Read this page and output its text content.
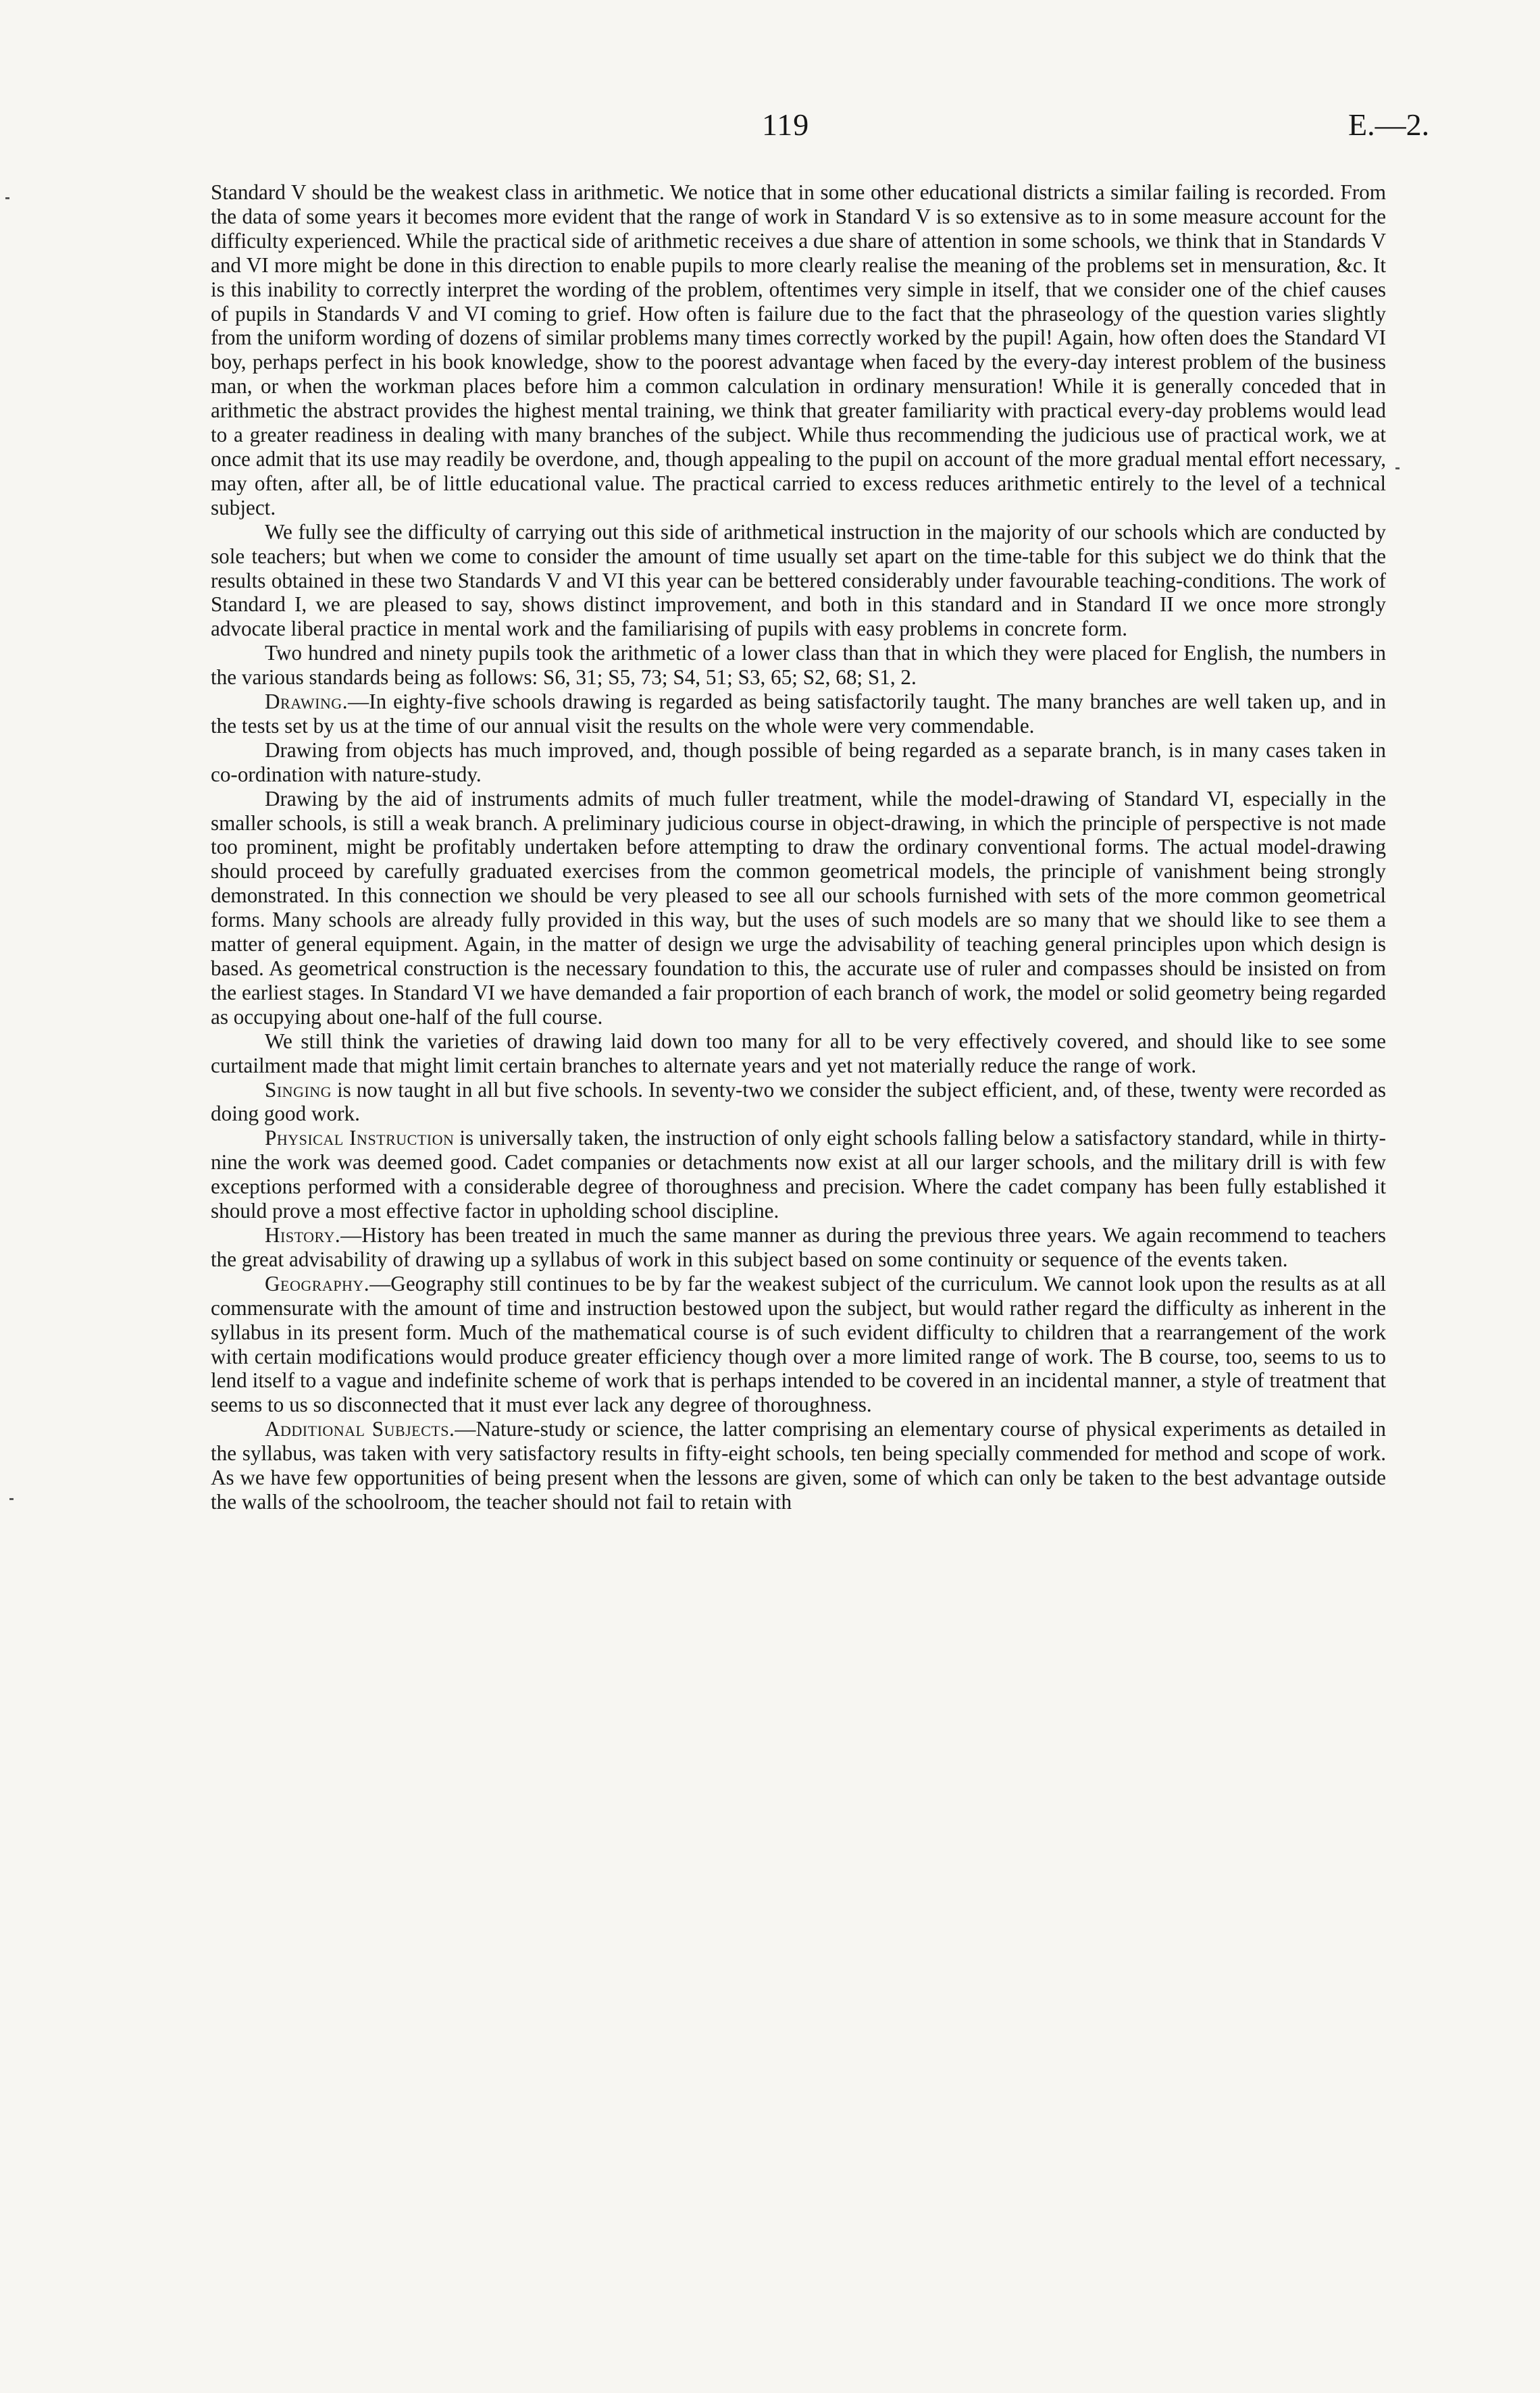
119	E.—2.

Standard V should be the weakest class in arithmetic. We notice that in some other educational districts a similar failing is recorded. From the data of some years it becomes more evident that the range of work in Standard V is so extensive as to in some measure account for the difficulty experienced. While the practical side of arithmetic receives a due share of attention in some schools, we think that in Standards V and VI more might be done in this direction to enable pupils to more clearly realise the meaning of the problems set in mensuration, &c. It is this inability to correctly interpret the wording of the problem, oftentimes very simple in itself, that we consider one of the chief causes of pupils in Standards V and VI coming to grief. How often is failure due to the fact that the phraseology of the question varies slightly from the uniform wording of dozens of similar problems many times correctly worked by the pupil! Again, how often does the Standard VI boy, perhaps perfect in his book knowledge, show to the poorest advantage when faced by the every-day interest problem of the business man, or when the workman places before him a common calculation in ordinary mensuration! While it is generally conceded that in arithmetic the abstract provides the highest mental training, we think that greater familiarity with practical every-day problems would lead to a greater readiness in dealing with many branches of the subject. While thus recommending the judicious use of practical work, we at once admit that its use may readily be overdone, and, though appealing to the pupil on account of the more gradual mental effort necessary, may often, after all, be of little educational value. The practical carried to excess reduces arithmetic entirely to the level of a technical subject.

We fully see the difficulty of carrying out this side of arithmetical instruction in the majority of our schools which are conducted by sole teachers; but when we come to consider the amount of time usually set apart on the time-table for this subject we do think that the results obtained in these two Standards V and VI this year can be bettered considerably under favourable teaching-conditions. The work of Standard I, we are pleased to say, shows distinct improvement, and both in this standard and in Standard II we once more strongly advocate liberal practice in mental work and the familiarising of pupils with easy problems in concrete form.

Two hundred and ninety pupils took the arithmetic of a lower class than that in which they were placed for English, the numbers in the various standards being as follows: S6, 31; S5, 73; S4, 51; S3, 65; S2, 68; S1, 2.

Drawing.—In eighty-five schools drawing is regarded as being satisfactorily taught. The many branches are well taken up, and in the tests set by us at the time of our annual visit the results on the whole were very commendable.

Drawing from objects has much improved, and, though possible of being regarded as a separate branch, is in many cases taken in co-ordination with nature-study.

Drawing by the aid of instruments admits of much fuller treatment, while the model-drawing of Standard VI, especially in the smaller schools, is still a weak branch. A preliminary judicious course in object-drawing, in which the principle of perspective is not made too prominent, might be profitably undertaken before attempting to draw the ordinary conventional forms. The actual model-drawing should proceed by carefully graduated exercises from the common geometrical models, the principle of vanishment being strongly demonstrated. In this connection we should be very pleased to see all our schools furnished with sets of the more common geometrical forms. Many schools are already fully provided in this way, but the uses of such models are so many that we should like to see them a matter of general equipment. Again, in the matter of design we urge the advisability of teaching general principles upon which design is based. As geometrical construction is the necessary foundation to this, the accurate use of ruler and compasses should be insisted on from the earliest stages. In Standard VI we have demanded a fair proportion of each branch of work, the model or solid geometry being regarded as occupying about one-half of the full course.

We still think the varieties of drawing laid down too many for all to be very effectively covered, and should like to see some curtailment made that might limit certain branches to alternate years and yet not materially reduce the range of work.

Singing is now taught in all but five schools. In seventy-two we consider the subject efficient, and, of these, twenty were recorded as doing good work.

Physical Instruction is universally taken, the instruction of only eight schools falling below a satisfactory standard, while in thirty-nine the work was deemed good. Cadet companies or detachments now exist at all our larger schools, and the military drill is with few exceptions performed with a considerable degree of thoroughness and precision. Where the cadet company has been fully established it should prove a most effective factor in upholding school discipline.

History.—History has been treated in much the same manner as during the previous three years. We again recommend to teachers the great advisability of drawing up a syllabus of work in this subject based on some continuity or sequence of the events taken.

Geography.—Geography still continues to be by far the weakest subject of the curriculum. We cannot look upon the results as at all commensurate with the amount of time and instruction bestowed upon the subject, but would rather regard the difficulty as inherent in the syllabus in its present form. Much of the mathematical course is of such evident difficulty to children that a rearrangement of the work with certain modifications would produce greater efficiency though over a more limited range of work. The B course, too, seems to us to lend itself to a vague and indefinite scheme of work that is perhaps intended to be covered in an incidental manner, a style of treatment that seems to us so disconnected that it must ever lack any degree of thoroughness.

Additional Subjects.—Nature-study or science, the latter comprising an elementary course of physical experiments as detailed in the syllabus, was taken with very satisfactory results in fifty-eight schools, ten being specially commended for method and scope of work. As we have few opportunities of being present when the lessons are given, some of which can only be taken to the best advantage outside the walls of the schoolroom, the teacher should not fail to retain with
